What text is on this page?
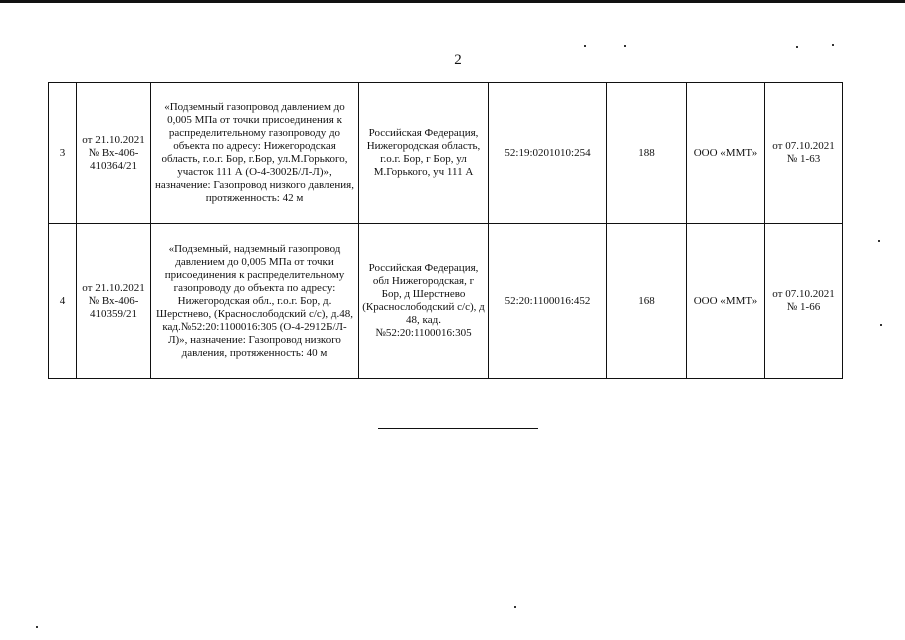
2
3	от 21.10.2021 № Вх-406-410364/21	«Подземный газопровод давлением до 0,005 МПа от точки присоединения к распределительному газопроводу до объекта по адресу: Нижегородская область, г.о.г. Бор, г.Бор, ул.М.Горького, участок 111 А (О-4-3002Б/Л-Л)», назначение: Газопровод низкого давления, протяженность: 42 м	Российская Федерация, Нижегородская область, г.о.г. Бор, г Бор, ул М.Горького, уч 111 А	52:19:0201010:254	188	ООО «ММТ»	от 07.10.2021 № 1-63
4	от 21.10.2021 № Вх-406-410359/21	«Подземный, надземный газопровод давлением до 0,005 МПа от точки присоединения к распределительному газопроводу до объекта по адресу: Нижегородская обл., г.о.г. Бор, д. Шерстнево, (Краснослободский с/с), д.48, кад.№52:20:1100016:305 (О-4-2912Б/Л-Л)», назначение: Газопровод низкого давления, протяженность: 40 м	Российская Федерация, обл Нижегородская, г Бор, д Шерстнево (Краснослободский с/с), д 48, кад.№52:20:1100016:305	52:20:1100016:452	168	ООО «ММТ»	от 07.10.2021 № 1-66
